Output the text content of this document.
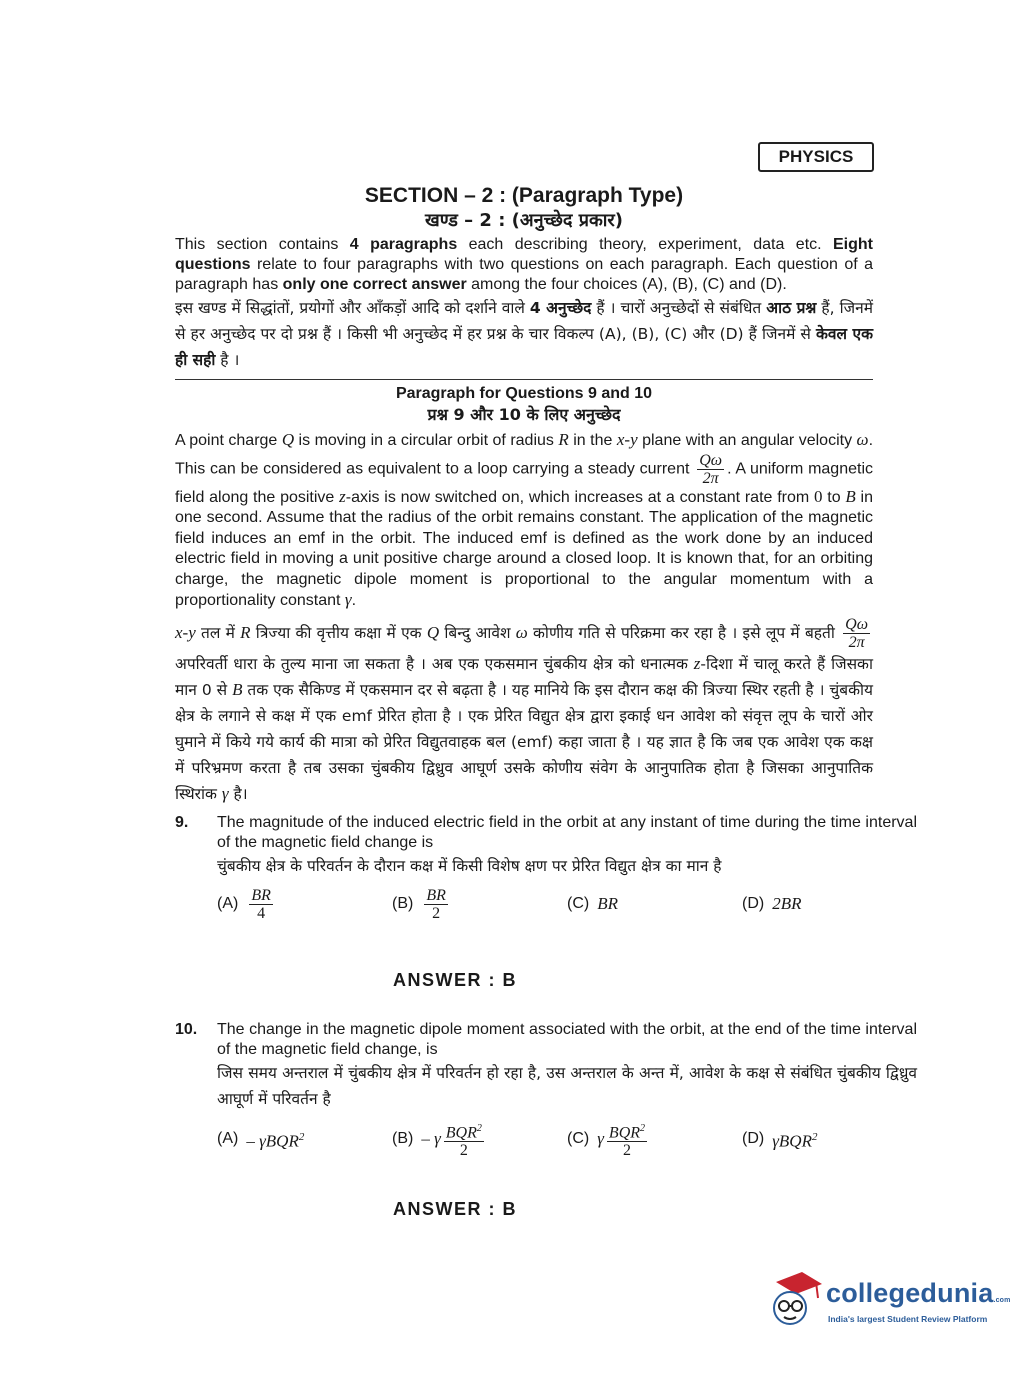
PHYSICS
SECTION – 2 : (Paragraph Type)
खण्ड – 2 : (अनुच्छेद प्रकार)
This section contains 4 paragraphs each describing theory, experiment, data etc. Eight questions relate to four paragraphs with two questions on each paragraph. Each question of a paragraph has only one correct answer among the four choices (A), (B), (C) and (D).
इस खण्ड में सिद्धांतों, प्रयोगों और आँकड़ों आदि को दर्शाने वाले 4 अनुच्छेद हैं । चारों अनुच्छेदों से संबंधित आठ प्रश्न हैं, जिनमें से हर अनुच्छेद पर दो प्रश्न हैं । किसी भी अनुच्छेद में हर प्रश्न के चार विकल्प (A), (B), (C) और (D) हैं जिनमें से केवल एक ही सही है ।
Paragraph for Questions 9 and 10
प्रश्न 9 और 10 के लिए अनुच्छेद
A point charge Q is moving in a circular orbit of radius R in the x-y plane with an angular velocity ω. This can be considered as equivalent to a loop carrying a steady current $\frac{Q\omega}{2\pi}$ . A uniform magnetic field along the positive z-axis is now switched on, which increases at a constant rate from 0 to B in one second. Assume that the radius of the orbit remains constant. The application of the magnetic field induces an emf in the orbit. The induced emf is defined as the work done by an induced electric field in moving a unit positive charge around a closed loop. It is known that, for an orbiting charge, the magnetic dipole moment is proportional to the angular momentum with a proportionality constant γ.
x-y तल में R त्रिज्या की वृत्तीय कक्षा में एक Q बिन्दु आवेश ω कोणीय गति से परिक्रमा कर रहा है । इसे लूप में बहती $\frac{Q\omega}{2\pi}$
अपरिवर्ती धारा के तुल्य माना जा सकता है । अब एक एकसमान चुंबकीय क्षेत्र को धनात्मक z-दिशा में चालू करते हैं जिसका मान 0 से B तक एक सैकिण्ड में एकसमान दर से बढ़ता है । यह मानिये कि इस दौरान कक्ष की त्रिज्या स्थिर रहती है । चुंबकीय क्षेत्र के लगाने से कक्ष में एक emf प्रेरित होता है । एक प्रेरित विद्युत क्षेत्र द्वारा इकाई धन आवेश को संवृत्त लूप के चारों ओर घुमाने में किये गये कार्य की मात्रा को प्रेरित विद्युतवाहक बल (emf) कहा जाता है । यह ज्ञात है कि जब एक आवेश एक कक्ष में परिभ्रमण करता है तब उसका चुंबकीय द्विध्रुव आघूर्ण उसके कोणीय संवेग के आनुपातिक होता है जिसका आनुपातिक स्थिरांक γ है।
9.	The magnitude of the induced electric field in the orbit at any instant of time during the time interval of the magnetic field change is
चुंबकीय क्षेत्र के परिवर्तन के दौरान कक्ष में किसी विशेष क्षण पर प्रेरित विद्युत क्षेत्र का मान है
$(A) \frac{BR}{4}$	$(B) \frac{BR}{2}$	(C) BR	(D) 2BR
ANSWER : B
10.	The change in the magnetic dipole moment associated with the orbit, at the end of the time interval of the magnetic field change, is
जिस समय अन्तराल में चुंबकीय क्षेत्र में परिवर्तन हो रहा है, उस अन्तराल के अन्त में, आवेश के कक्ष से संबंधित चुंबकीय द्विध्रुव आघूर्ण में परिवर्तन है
(A) – γBQR$^2$	(B) – γ $\frac{BQR^2}{2}$	(C) γ $\frac{BQR^2}{2}$	(D) γBQR$^2$
ANSWER : B
collegedunia.com
India's largest Student Review Platform
